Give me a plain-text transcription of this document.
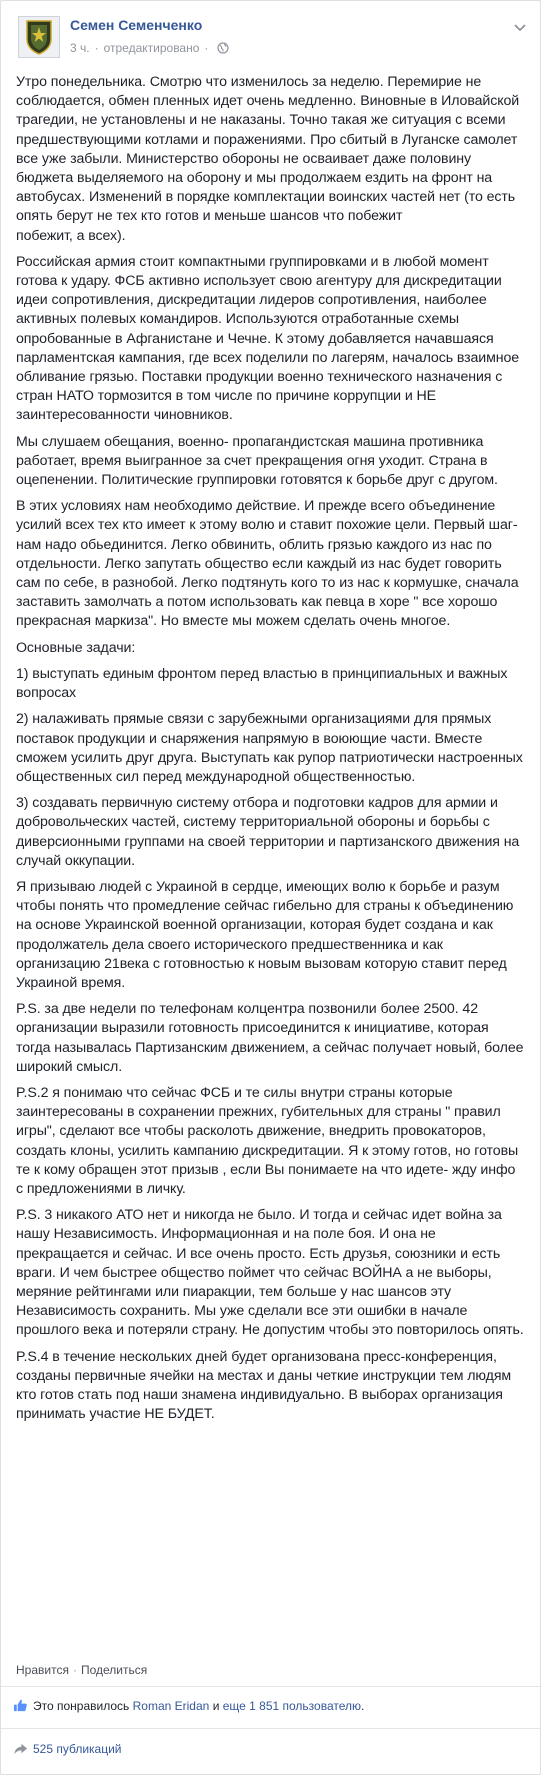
Семен Семенченко
3 ч. · отредактировано ·

Утро понедельника. Смотрю что изменилось за неделю. Перемирие не соблюдается, обмен пленных идет очень медленно. Виновные в Иловайской трагедии, не установлены и не наказаны. Точно такая же ситуация с всеми предшествующими котлами и поражениями. Про сбитый в Луганске самолет все уже забыли. Министерство обороны не осваивает даже половину бюджета выделяемого на оборону и мы продолжаем ездить на фронт на автобусах. Изменений в порядке комплектации воинских частей нет (то есть опять берут не тех кто готов и меньше шансов что побежит
побежит, а всех).

Российская армия стоит компактными группировками и в любой момент готова к удару. ФСБ активно использует свою агентуру для дискредитации идеи сопротивления, дискредитации лидеров сопротивления, наиболее активных полевых командиров. Используются отработанные схемы опробованные в Афганистане и Чечне. К этому добавляется начавшаяся парламентская кампания, где всех поделили по лагерям, началось взаимное обливание грязью. Поставки продукции военно технического назначения с стран НАТО тормозится в том числе по причине коррупции и НЕ заинтересованности чиновников.

Мы слушаем обещания, военно- пропагандистская машина противника работает, время выигранное за счет прекращения огня уходит. Страна в оцепенении. Политические группировки готовятся к борьбе друг с другом.

В этих условиях нам необходимо действие. И прежде всего объединение усилий всех тех кто имеет к этому волю и ставит похожие цели. Первый шаг- нам надо обьединится. Легко обвинить, облить грязью каждого из нас по отдельности. Легко запутать общество если каждый из нас будет говорить сам по себе, в разнобой. Легко подтянуть кого то из нас к кормушке, сначала заставить замолчать а потом использовать как певца в хоре " все хорошо прекрасная маркиза". Но вместе мы можем сделать очень многое.

Основные задачи:

1) выступать единым фронтом перед властью в принципиальных и важных вопросах

2) налаживать прямые связи с зарубежными организациями для прямых поставок продукции и снаряжения напрямую в воюющие части. Вместе сможем усилить друг друга. Выступать как рупор патриотически настроенных общественных сил перед международной общественностью.

3) создавать первичную систему отбора и подготовки кадров для армии и добровольческих частей, систему территориальной обороны и борьбы с диверсионными группами на своей территории и партизанского движения на случай оккупации.

Я призываю людей с Украиной в сердце, имеющих волю к борьбе и разум чтобы понять что промедление сейчас гибельно для страны к объединению на основе Украинской военной организации, которая будет создана и как продолжатель дела своего исторического предшественника и как организацию 21века с готовностью к новым вызовам которую ставит перед Украиной время.

P.S. за две недели по телефонам колцентра позвонили более 2500. 42 организации выразили готовность присоединится к инициативе, которая тогда называлась Партизанским движением, а сейчас получает новый, более широкий смысл.

P.S.2 я понимаю что сейчас ФСБ и те силы внутри страны которые заинтересованы в сохранении прежних, губительных для страны " правил игры", сделают все чтобы расколоть движение, внедрить провокаторов, создать клоны, усилить кампанию дискредитации. Я к этому готов, но готовы те к кому обращен этот призыв , если Вы понимаете на что идете- жду инфо с предложениями в личку.

P.S. 3 никакого АТО нет и никогда не было. И тогда и сейчас идет война за нашу Независимость. Информационная и на поле боя. И она не прекращается и сейчас. И все очень просто. Есть друзья, союзники и есть враги. И чем быстрее общество поймет что сейчас ВОЙНА а не выборы, меряние рейтингами или пиаракции, тем больше у нас шансов эту Независимость сохранить. Мы уже сделали все эти ошибки в начале прошлого века и потеряли страну. Не допустим чтобы это повторилось опять.

P.S.4 в течение нескольких дней будет организована пресс-конференция, созданы первичные ячейки на местах и даны четкие инструкции тем людям кто готов стать под наши знамена индивидуально. В выборах организация принимать участие НЕ БУДЕТ.

Нравится · Поделиться
Это понравилось Roman Eridan и еще 1 851 пользователю.
525 публикаций
